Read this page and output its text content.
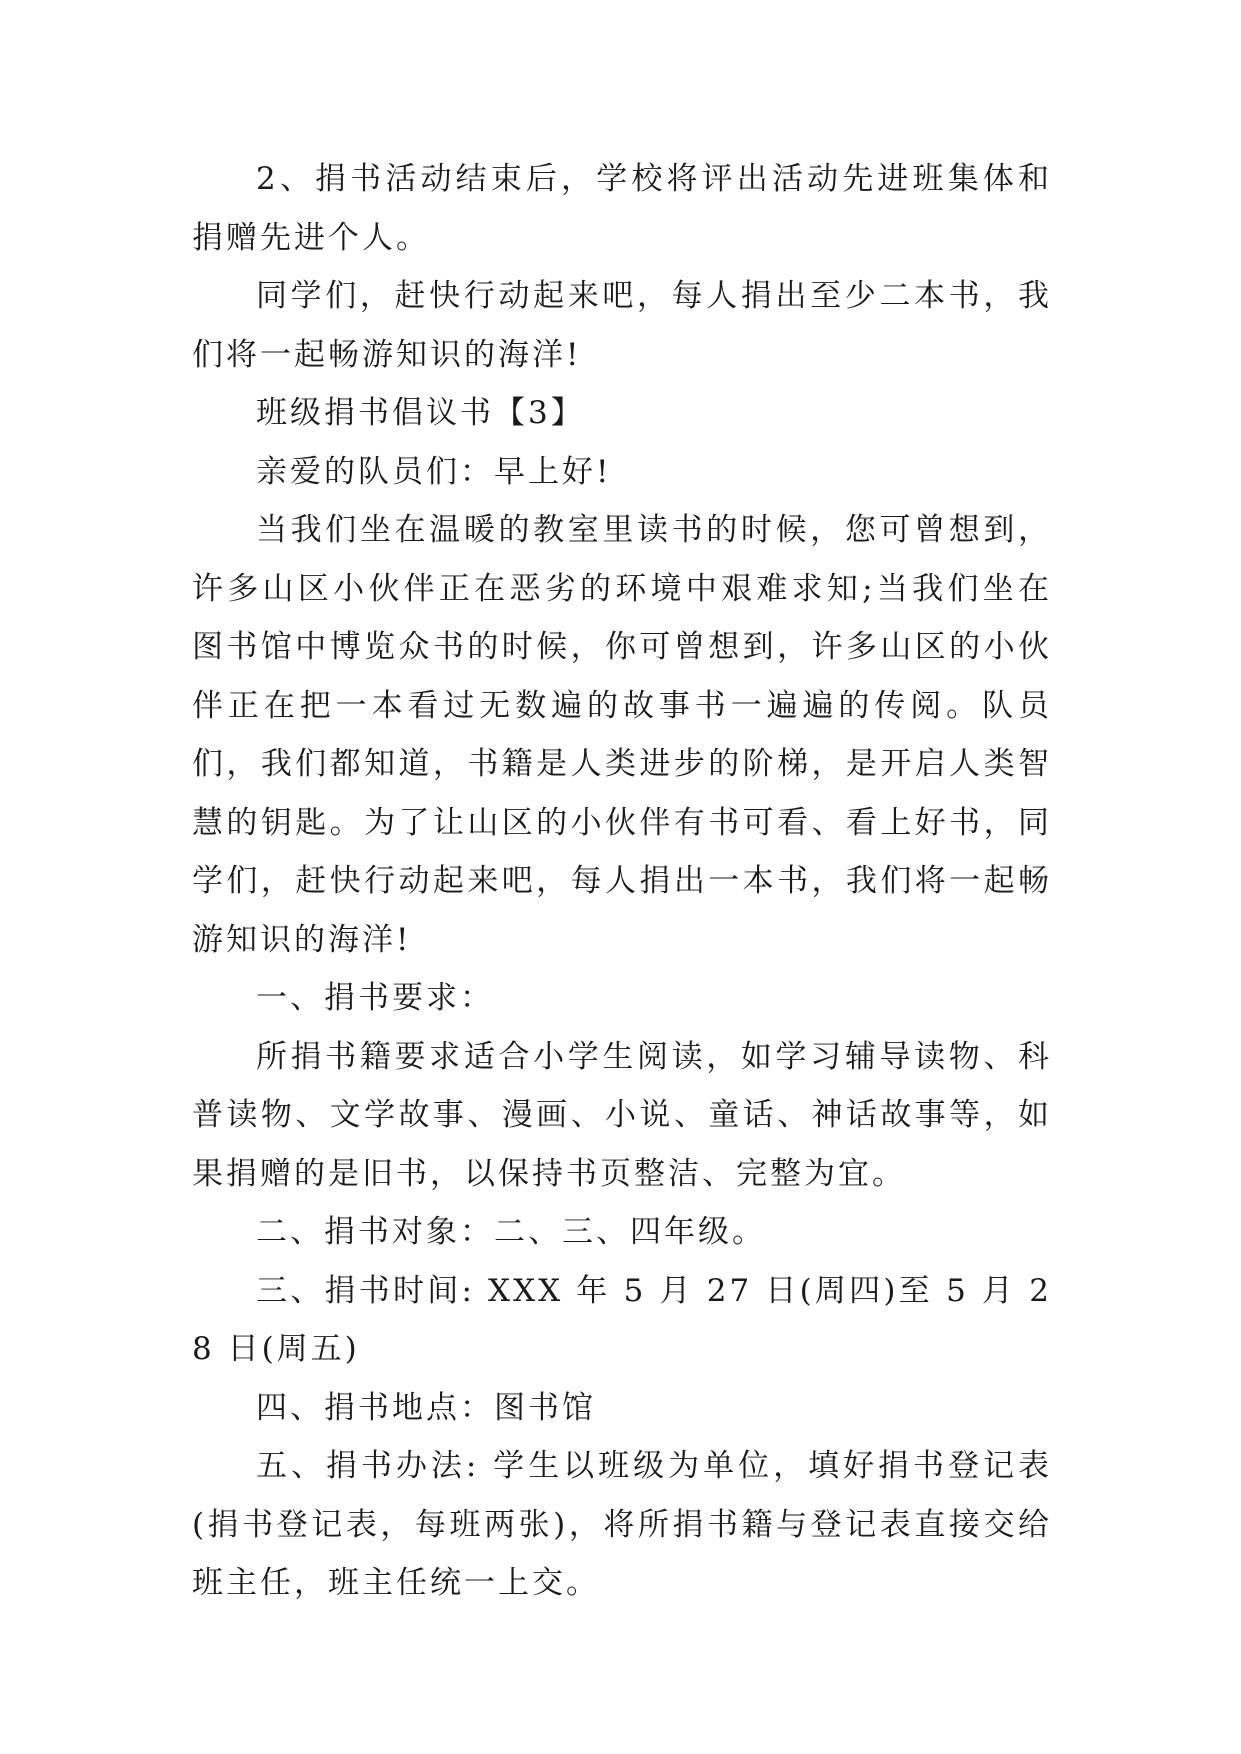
2、捐书活动结束后，学校将评出活动先进班集体和捐赠先进个人。

同学们，赶快行动起来吧，每人捐出至少二本书，我们将一起畅游知识的海洋!

班级捐书倡议书【3】

亲爱的队员们：早上好!

当我们坐在温暖的教室里读书的时候，您可曾想到，许多山区小伙伴正在恶劣的环境中艰难求知;当我们坐在图书馆中博览众书的时候，你可曾想到，许多山区的小伙伴正在把一本看过无数遍的故事书一遍遍的传阅。队员们，我们都知道，书籍是人类进步的阶梯，是开启人类智慧的钥匙。为了让山区的小伙伴有书可看、看上好书，同学们，赶快行动起来吧，每人捐出一本书，我们将一起畅游知识的海洋!

一、捐书要求：

所捐书籍要求适合小学生阅读，如学习辅导读物、科普读物、文学故事、漫画、小说、童话、神话故事等，如果捐赠的是旧书，以保持书页整洁、完整为宜。

二、捐书对象：二、三、四年级。

三、捐书时间: XXX 年 5 月 27 日(周四)至 5 月 28 日(周五)

四、捐书地点：图书馆

五、捐书办法: 学生以班级为单位，填好捐书登记表(捐书登记表，每班两张)，将所捐书籍与登记表直接交给班主任，班主任统一上交。
